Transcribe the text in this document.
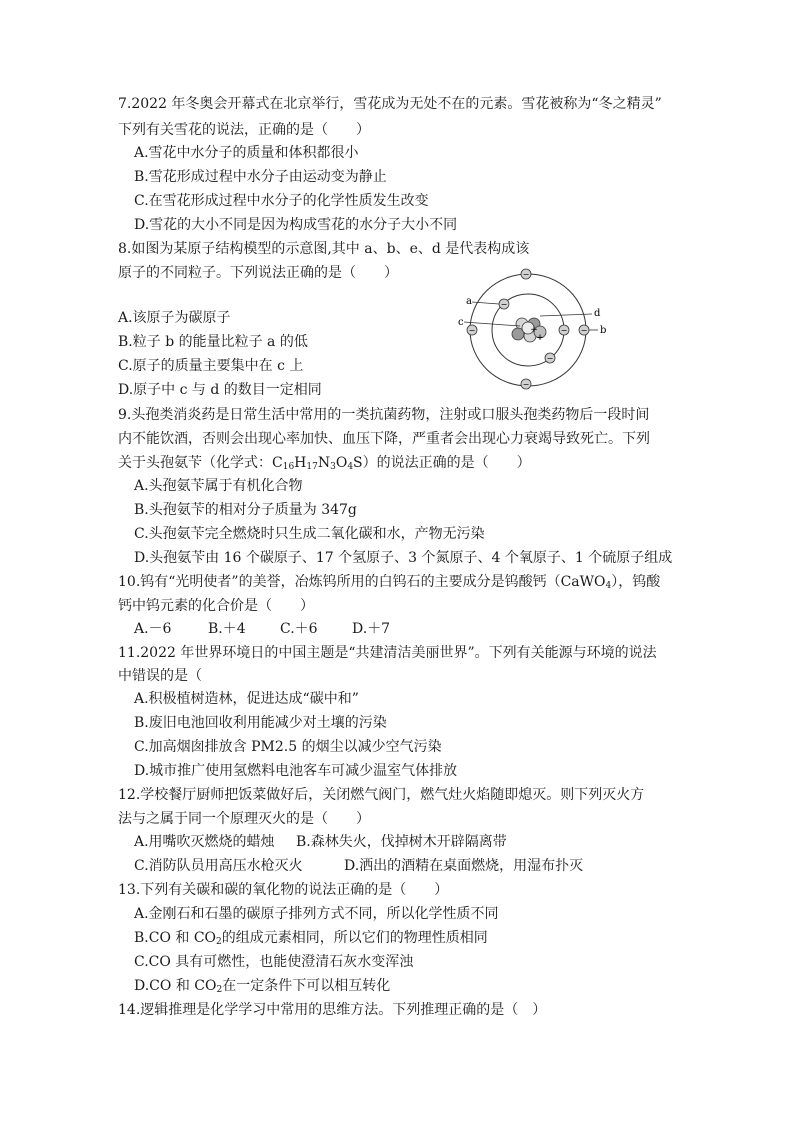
7.2022 年冬奥会开幕式在北京举行，雪花成为无处不在的元素。雪花被称为“冬之精灵”
下列有关雪花的说法，正确的是（　　）
A.雪花中水分子的质量和体积都很小
B.雪花形成过程中水分子由运动变为静止
C.在雪花形成过程中水分子的化学性质发生改变
D.雪花的大小不同是因为构成雪花的水分子大小不同
8.如图为某原子结构模型的示意图,其中 a、b、e、d 是代表构成该
原子的不同粒子。下列说法正确的是（　　）
A.该原子为碳原子
B.粒子 b 的能量比粒子 a 的低
C.原子的质量主要集中在 c 上
D.原子中 c 与 d 的数目一定相同
+
+
−
−
−	−
−
−
−
a
c
d
b
9.头孢类消炎药是日常生活中常用的一类抗菌药物，注射或口服头孢类药物后一段时间
内不能饮酒，否则会出现心率加快、血压下降，严重者会出现心力衰竭导致死亡。下列
关于头孢氨苄（化学式：$C_{16}H_{17}N_3O_4S$）的说法正确的是（　　）
A.头孢氨苄属于有机化合物
B.头孢氨苄的相对分子质量为 347g
C.头孢氨苄完全燃烧时只生成二氧化碳和水，产物无污染
D.头孢氨苄由 16 个碳原子、17 个氢原子、3 个氮原子、4 个氧原子、1 个硫原子组成
10.钨有“光明使者”的美誉，冶炼钨所用的白钨石的主要成分是钨酸钙（CaWO$_4$），钨酸
钙中钨元素的化合价是（　　）
A.－6	B.＋4 C.＋6 D.＋7
11.2022 年世界环境日的中国主题是“共建清洁美丽世界”。下列有关能源与环境的说法
中错误的是（
A.积极植树造林，促进达成“碳中和”
B.废旧电池回收利用能减少对土壤的污染
C.加高烟囱排放含 PM2.5 的烟尘以减少空气污染
D.城市推广使用氢燃料电池客车可减少温室气体排放
12.学校餐厅厨师把饭菜做好后，关闭燃气阀门，燃气灶火焰随即熄灭。则下列灭火方
法与之属于同一个原理灭火的是（　　）
A.用嘴吹灭燃烧的蜡烛 B.森林失火，伐掉树木开辟隔离带
C.消防队员用高压水枪灭火	D.洒出的酒精在桌面燃烧，用湿布扑灭
13.下列有关碳和碳的氧化物的说法正确的是（　　）
A.金刚石和石墨的碳原子排列方式不同，所以化学性质不同
B.CO 和 $CO_2$的组成元素相同，所以它们的物理性质相同
C.CO 具有可燃性，也能使澄清石灰水变浑浊
D.CO 和 $CO_2$在一定条件下可以相互转化
14.逻辑推理是化学学习中常用的思维方法。下列推理正确的是（　）
